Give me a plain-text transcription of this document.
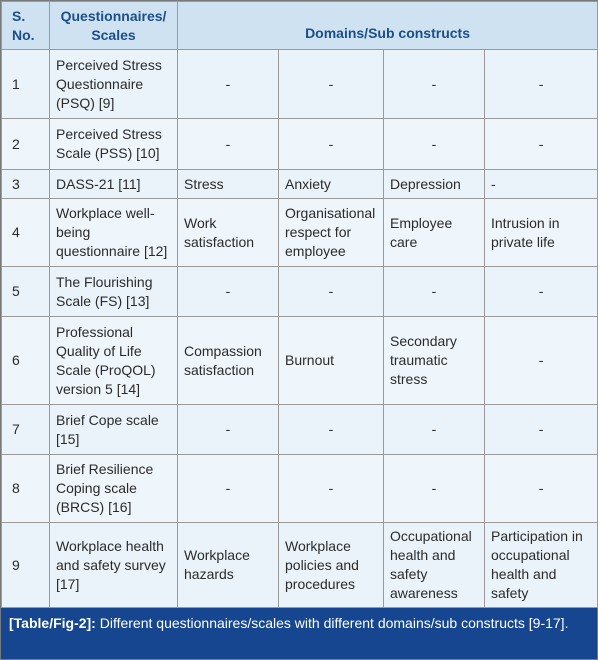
S. No.	Questionnaires/ Scales	Domains/Sub constructs			
1	Perceived Stress Questionnaire (PSQ) [9]	-	-	-	-
2	Perceived Stress Scale (PSS) [10]	-	-	-	-
3	DASS-21 [11]	Stress	Anxiety	Depression	-
4	Workplace well-being questionnaire [12]	Work satisfaction	Organisational respect for employee	Employee care	Intrusion in private life
5	The Flourishing Scale (FS) [13]	-	-	-	-
6	Professional Quality of Life Scale (ProQOL) version 5 [14]	Compassion satisfaction	Burnout	Secondary traumatic stress	-
7	Brief Cope scale [15]	-	-	-	-
8	Brief Resilience Coping scale (BRCS) [16]	-	-	-	-
9	Workplace health and safety survey [17]	Workplace hazards	Workplace policies and procedures	Occupational health and safety awareness	Participation in occupational health and safety
[Table/Fig-2]: Different questionnaires/scales with different domains/sub constructs [9-17].
